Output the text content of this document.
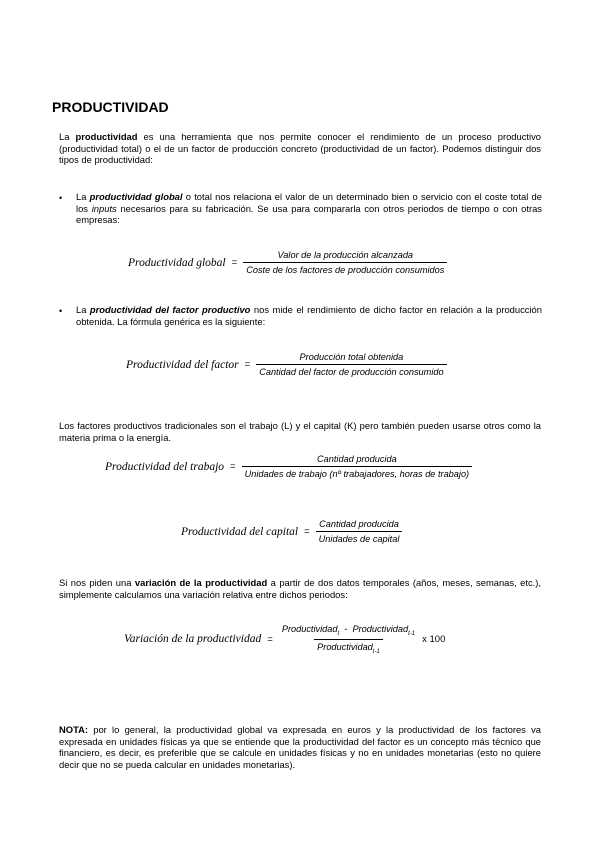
PRODUCTIVIDAD

La productividad es una herramienta que nos permite conocer el rendimiento de un proceso productivo (productividad total) o el de un factor de producción concreto (productividad de un factor). Podemos distinguir dos tipos de productividad:

• La productividad global o total nos relaciona el valor de un determinado bien o servicio con el coste total de los inputs necesarios para su fabricación. Se usa para compararla con otros periodos de tiempo o con otras empresas:

Productividad global = $\frac{\text{Valor de la producción alcanzada}}{\text{Coste de los factores de producción consumidos}}$
• La productividad del factor productivo nos mide el rendimiento de dicho factor en relación a la producción obtenida. La fórmula genérica es la siguiente:

Productividad del factor = $\frac{\text{Producción total obtenida}}{\text{Cantidad del factor de producción consumido}}$

Los factores productivos tradicionales son el trabajo (L) y el capital (K) pero también pueden usarse otros como la materia prima o la energía.

Productividad del trabajo = $\frac{\text{Cantidad producida}}{\text{Unidades de trabajo (nº trabajadores, horas de trabajo)}}$
Productividad del capital = $\frac{\text{Cantidad producida}}{\text{Unidades de capital}}$

Si nos piden una variación de la productividad a partir de dos datos temporales (años, meses, semanas, etc.), simplemente calculamos una variación relativa entre dichos periodos:

Variación de la productividad = $\frac{Productividad_t - Productividad_{t-1}}{Productividad_{t-1}}$ x 100

NOTA: por lo general, la productividad global va expresada en euros y la productividad de los factores va expresada en unidades físicas ya que se entiende que la productividad del factor es un concepto más técnico que financiero, es decir, es preferible que se calcule en unidades físicas y no en unidades monetarias (esto no quiere decir que no se pueda calcular en unidades monetarias).
